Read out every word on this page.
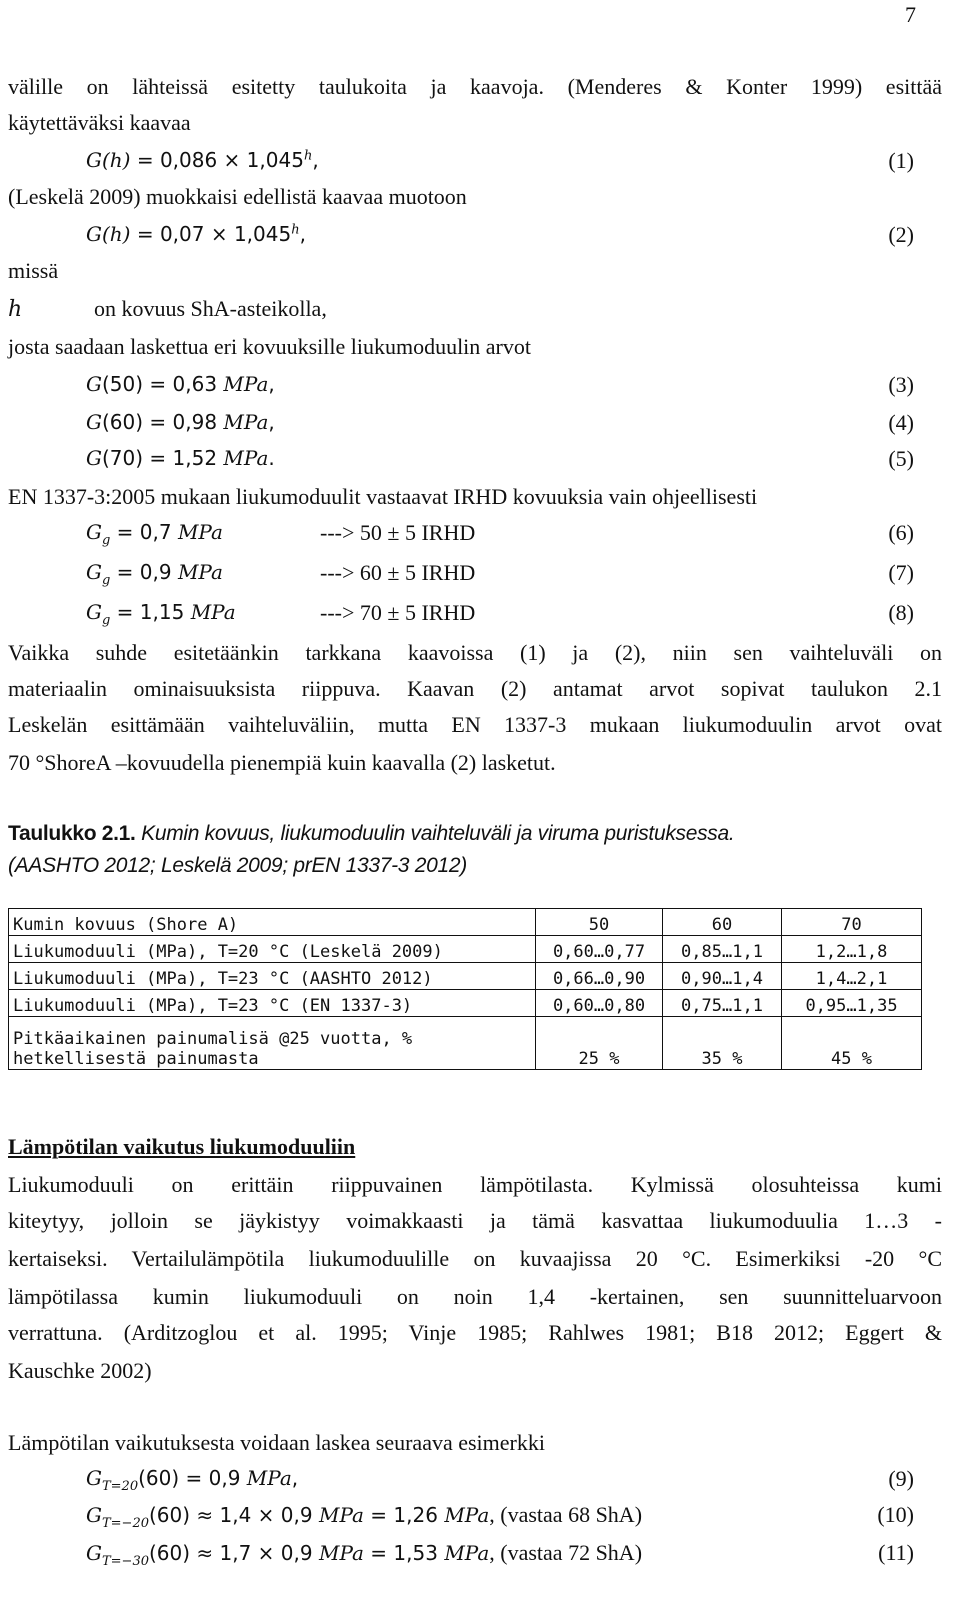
7
välille on lähteissä esitetty taulukoita ja kaavoja. (Menderes & Konter 1999) esittää
käytettäväksi kaavaa
G(h) = 0,086 × 1,045$^h$,	(1)
(Leskelä 2009) muokkaisi edellistä kaavaa muotoon
G(h) = 0,07 × 1,045$^h$,	(2)
missä
h	on kovuus ShA-asteikolla,
josta saadaan laskettua eri kovuuksille liukumoduulin arvot
G(50) = 0,63 MPa,	(3)
G(60) = 0,98 MPa,	(4)
G(70) = 1,52 MPa.	(5)
EN 1337-3:2005 mukaan liukumoduulit vastaavat IRHD kovuuksia vain ohjeellisesti
$G_g = 0,7$ MPa	---> 50 ± 5 IRHD	(6)
$G_g = 0,9$ MPa	---> 60 ± 5 IRHD	(7)
$G_g = 1,15$ MPa	---> 70 ± 5 IRHD	(8)
Vaikka suhde esitetäänkin tarkkana kaavoissa (1) ja (2), niin sen vaihteluväli on
materiaalin ominaisuuksista riippuva. Kaavan (2) antamat arvot sopivat taulukon 2.1
Leskelän esittämään vaihteluväliin, mutta EN 1337-3 mukaan liukumoduulin arvot ovat
70 °ShoreA –kovuudella pienempiä kuin kaavalla (2) lasketut.
Taulukko 2.1. Kumin kovuus, liukumoduulin vaihteluväli ja viruma puristuksessa.
(AASHTO 2012; Leskelä 2009; prEN 1337-3 2012)
Kumin kovuus (Shore A)	50	60	70
Liukumoduuli (MPa), T=20 °C (Leskelä 2009)	0,60…0,77	0,85…1,1	1,2…1,8
Liukumoduuli (MPa), T=23 °C (AASHTO 2012)	0,66…0,90	0,90…1,4	1,4…2,1
Liukumoduuli (MPa), T=23 °C (EN 1337-3)	0,60…0,80	0,75…1,1	0,95…1,35

Pitkäaikainen painumalisä @25 vuotta, %
hetkellisestä painumasta	25 %	35 %	45 %
Lämpötilan vaikutus liukumoduuliin
Liukumoduuli on erittäin riippuvainen lämpötilasta. Kylmissä olosuhteissa kumi
kiteytyy, jolloin se jäykistyy voimakkaasti ja tämä kasvattaa liukumoduulia 1…3 -
kertaiseksi. Vertailulämpötila liukumoduulille on kuvaajissa 20 °C. Esimerkiksi -20 °C
lämpötilassa kumin liukumoduuli on noin 1,4 -kertainen, sen suunnitteluarvoon
verrattuna. (Arditzoglou et al. 1995; Vinje 1985; Rahlwes 1981; B18 2012; Eggert &
Kauschke 2002)
Lämpötilan vaikutuksesta voidaan laskea seuraava esimerkki
$G_{T=20}(60) = 0,9$ MPa,	(9)
$G_{T=-20}(60) \approx 1,4 \times 0,9$ MPa = 1,26 MPa, (vastaa 68 ShA)	(10)
$G_{T=-30}(60) \approx 1,7 \times 0,9$ MPa = 1,53 MPa, (vastaa 72 ShA)	(11)
